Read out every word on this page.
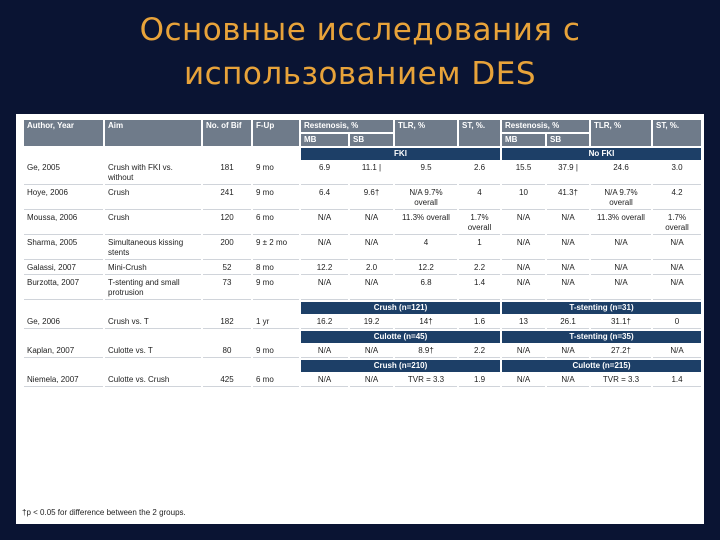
Основные исследования с
использованием DES
Author, Year	Aim	No. of Bif	F-Up	Restenosis, %		TLR, %	ST, %.	Restenosis, %		TLR, %	ST, %.
				MB	SB			MB	SB		
				FKI				No FKI			
Ge, 2005	Crush with FKI vs. without	181	9 mo	6.9	11.1 |	9.5	2.6	15.5	37.9 |	24.6	3.0
Hoye, 2006	Crush	241	9 mo	6.4	9.6†	N/A 9.7% overall	4	10	41.3†	N/A 9.7% overall	4.2
Moussa, 2006	Crush	120	6 mo	N/A	N/A	11.3% overall	1.7% overall	N/A	N/A	11.3% overall	1.7% overall
Sharma, 2005	Simultaneous kissing stents	200	9 ± 2 mo	N/A	N/A	4	1	N/A	N/A	N/A	N/A
Galassi, 2007	Mini-Crush	52	8 mo	12.2	2.0	12.2	2.2	N/A	N/A	N/A	N/A
Burzotta, 2007	T-stenting and small protrusion	73	9 mo	N/A	N/A	6.8	1.4	N/A	N/A	N/A	N/A
				Crush (n=121)				T-stenting (n=31)			
Ge, 2006	Crush vs. T	182	1 yr	16.2	19.2	14†	1.6	13	26.1	31.1†	0
				Culotte (n=45)				T-stenting (n=35)			
Kaplan, 2007	Culotte vs. T	80	9 mo	N/A	N/A	8.9†	2.2	N/A	N/A	27.2†	N/A
				Crush (n=210)				Culotte (n=215)			
Niemela, 2007	Culotte vs. Crush	425	6 mo	N/A	N/A	TVR = 3.3	1.9	N/A	N/A	TVR = 3.3	1.4
†p < 0.05 for difference between the 2 groups.
